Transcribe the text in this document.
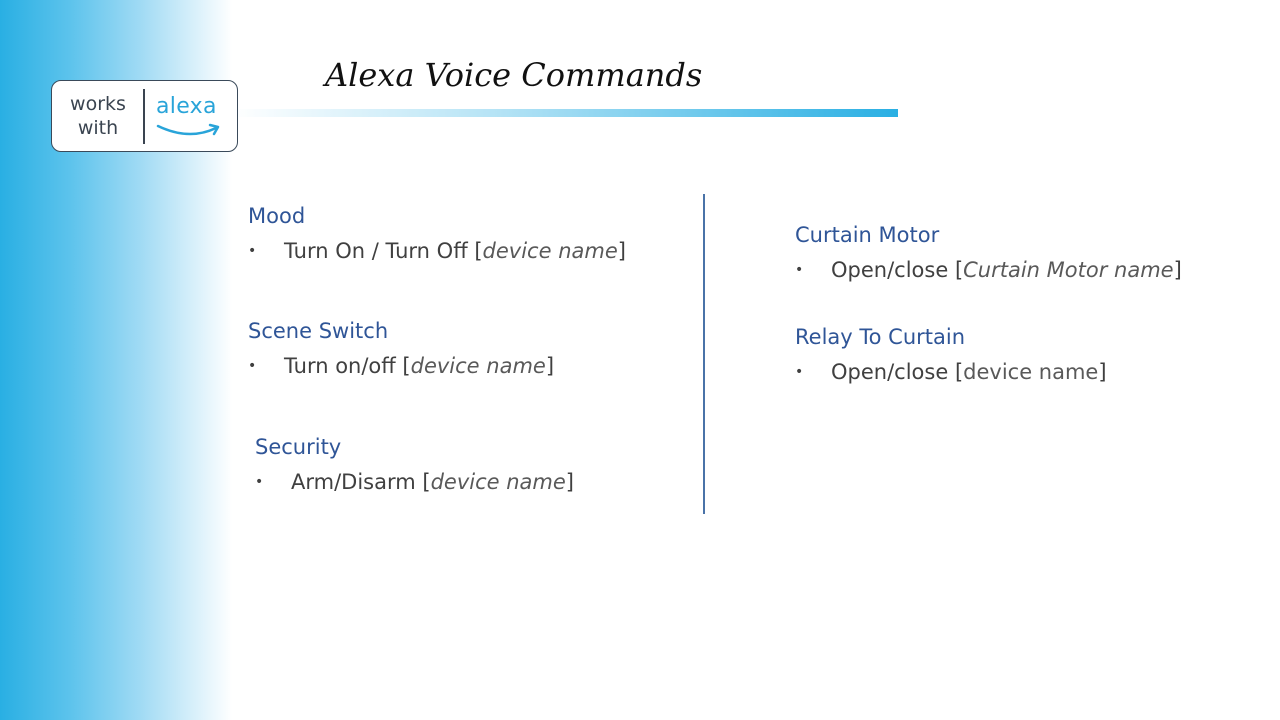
works
with
alexa
Alexa Voice Commands
Mood
•	Turn On / Turn Off [device name]
Scene Switch
•	Turn on/off [device name]
Security
•	Arm/Disarm [device name]
Curtain Motor
•	Open/close [Curtain Motor name]
Relay To Curtain
•	Open/close [device name]
